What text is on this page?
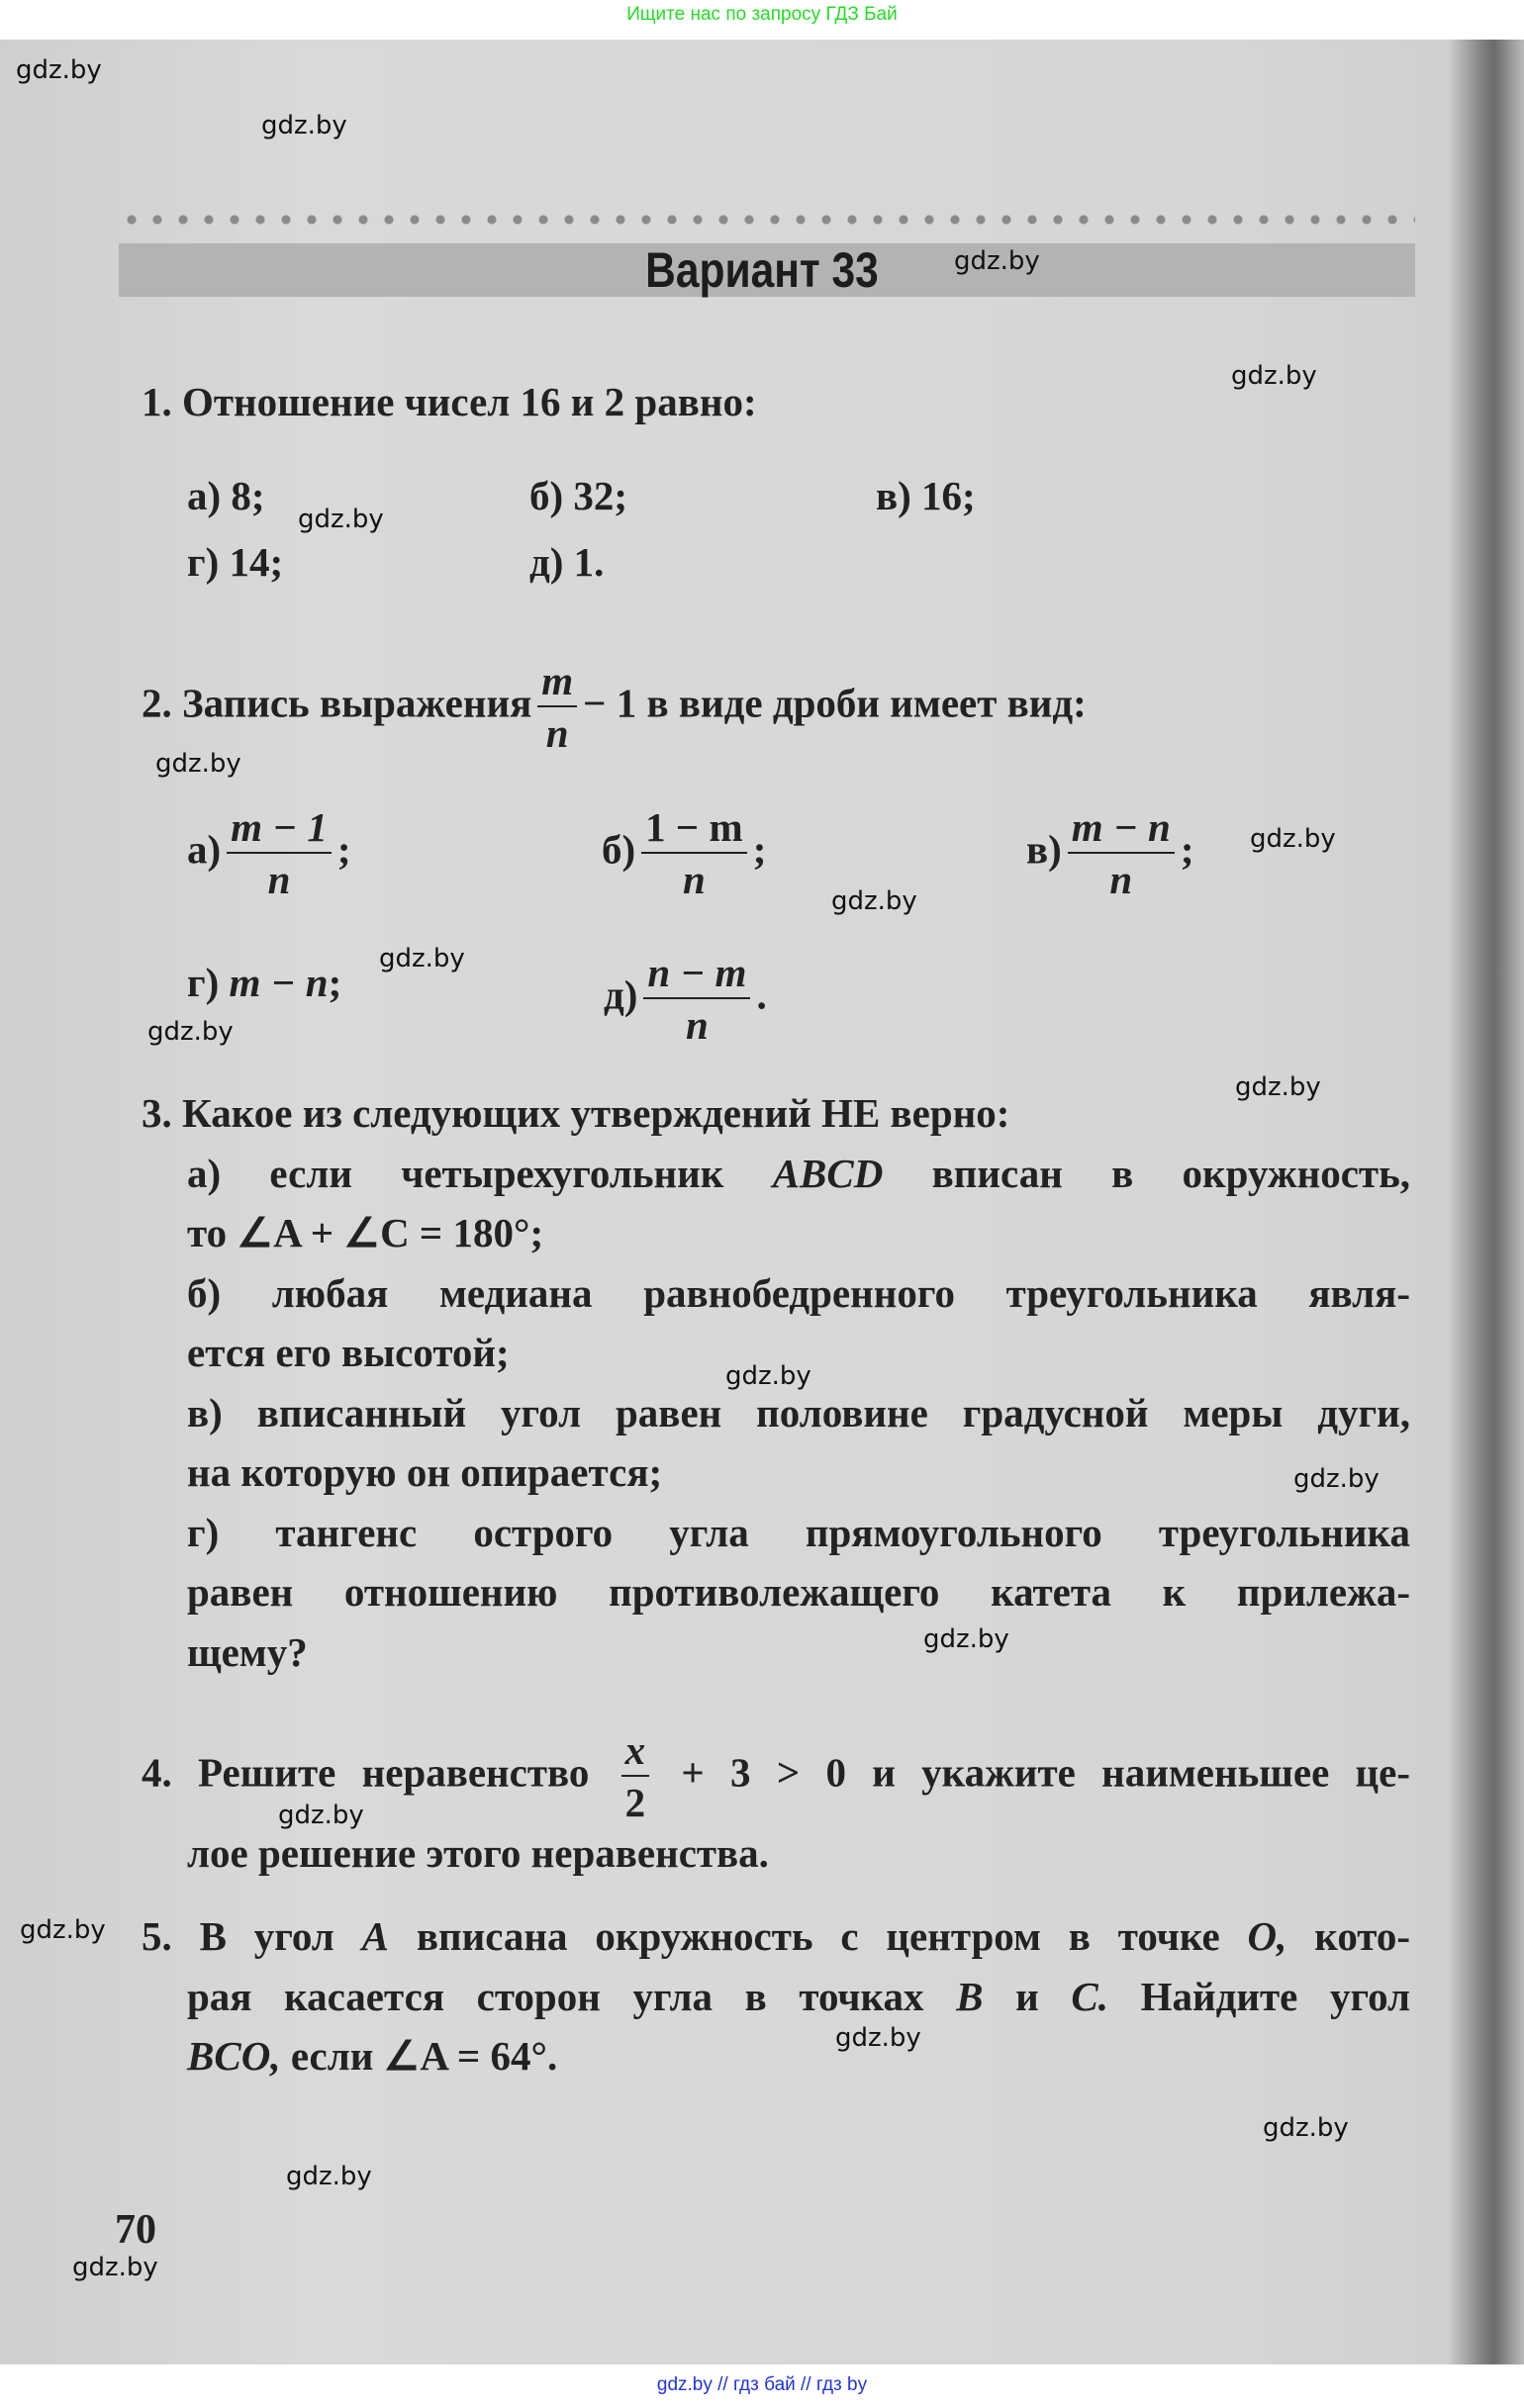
Ищите нас по запросу ГДЗ Бай
Вариант 33
1. Отношение чисел 16 и 2 равно:
а) 8;	б) 32;	в) 16;
г) 14;	д) 1.
2. Запись выражения $\frac{m}{n} - 1$ в виде дроби имеет вид:
$а) \frac{m - 1}{n}$ ;	$б) \frac{1 - m}{n}$ ;	$в) \frac{m - n}{n}$ ;
г) m − n;	$д) \frac{n - m}{n}$ .
3. Какое из следующих утверждений НЕ верно:
а) если четырехугольник ABCD вписан в окружность,
то ∠A + ∠C = 180°;
б) любая медиана равнобедренного треугольника явля-
ется его высотой;
в) вписанный угол равен половине градусной меры дуги,
на которую он опирается;
г) тангенс острого угла прямоугольного треугольника
равен отношению противолежащего катета к прилежа-
щему?
4. Решите неравенство $\frac{x}{2} + 3 > 0$ и укажите наименьшее це-
лое решение этого неравенства.
5. В угол A вписана окружность с центром в точке O, кото-
рая касается сторон угла в точках B и C. Найдите угол
BCO, если ∠A = 64°.
70
gdz.by
gdz.by
gdz.by
gdz.by
gdz.by
gdz.by
gdz.by
gdz.by
gdz.by
gdz.by
gdz.by
gdz.by
gdz.by
gdz.by
gdz.by
gdz.by
gdz.by
gdz.by
gdz.by
gdz.by
gdz.by // гдз бай // гдз by
